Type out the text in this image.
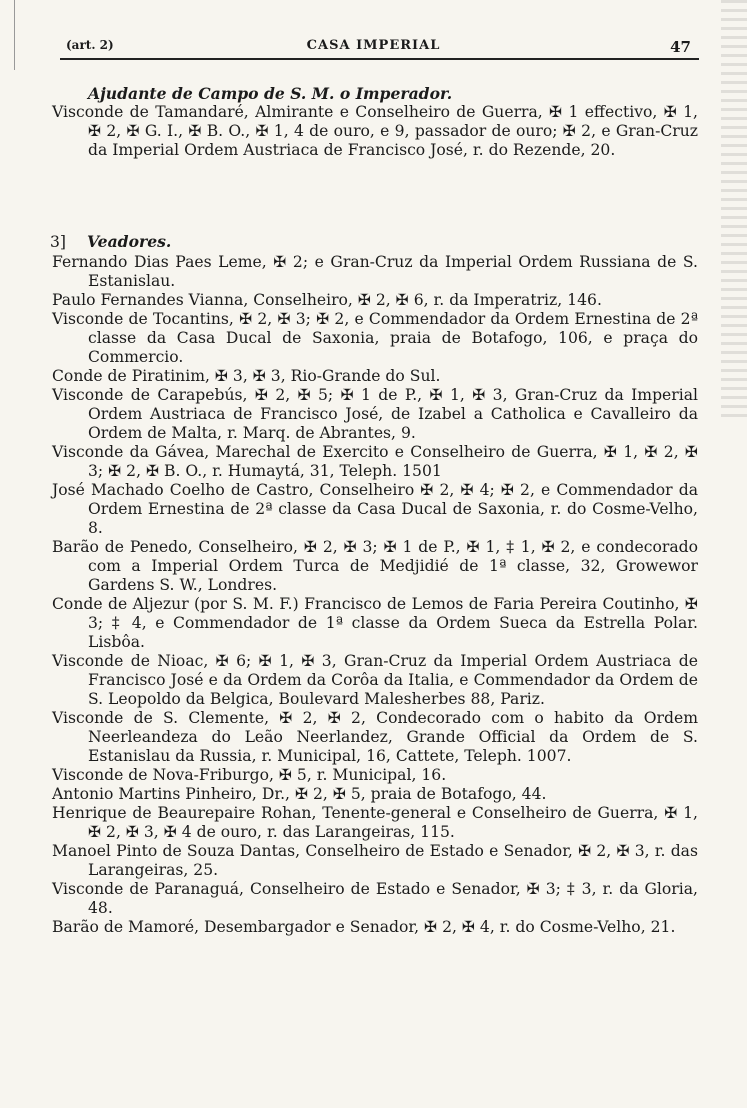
(art. 2)	CASA IMPERIAL	47
Ajudante de Campo de S. M. o Imperador.

Visconde de Tamandaré, Almirante e Conselheiro de Guerra, ✠ 1 effectivo, ✠ 1, ✠ 2, ✠ G. I., ✠ B. O., ✠ 1, 4 de ouro, e 9, passador de ouro; ✠ 2, e Gran-Cruz da Imperial Ordem Austriaca de Francisco José, r. do Rezende, 20.

3] Veadores.

Fernando Dias Paes Leme, ✠ 2; e Gran-Cruz da Imperial Ordem Russiana de S. Estanislau.

Paulo Fernandes Vianna, Conselheiro, ✠ 2, ✠ 6, r. da Imperatriz, 146.

Visconde de Tocantins, ✠ 2, ✠ 3; ✠ 2, e Commendador da Ordem Ernestina de 2ª classe da Casa Ducal de Saxonia, praia de Botafogo, 106, e praça do Commercio.

Conde de Piratinim, ✠ 3, ✠ 3, Rio-Grande do Sul.

Visconde de Carapebús, ✠ 2, ✠ 5; ✠ 1 de P., ✠ 1, ✠ 3, Gran-Cruz da Imperial Ordem Austriaca de Francisco José, de Izabel a Catholica e Cavalleiro da Ordem de Malta, r. Marq. de Abrantes, 9.

Visconde da Gávea, Marechal de Exercito e Conselheiro de Guerra, ✠ 1, ✠ 2, ✠ 3; ✠ 2, ✠ B. O., r. Humaytá, 31, Teleph. 1501

José Machado Coelho de Castro, Conselheiro ✠ 2, ✠ 4; ✠ 2, e Commendador da Ordem Ernestina de 2ª classe da Casa Ducal de Saxonia, r. do Cosme-Velho, 8.

Barão de Penedo, Conselheiro, ✠ 2, ✠ 3; ✠ 1 de P., ✠ 1, ‡ 1, ✠ 2, e condecorado com a Imperial Ordem Turca de Medjidié de 1ª classe, 32, Growewor Gardens S. W., Londres.

Conde de Aljezur (por S. M. F.) Francisco de Lemos de Faria Pereira Coutinho, ✠ 3; ‡ 4, e Commendador de 1ª classe da Ordem Sueca da Estrella Polar. Lisbôa.

Visconde de Nioac, ✠ 6; ✠ 1, ✠ 3, Gran-Cruz da Imperial Ordem Austriaca de Francisco José e da Ordem da Corôa da Italia, e Commendador da Ordem de S. Leopoldo da Belgica, Boulevard Malesherbes 88, Pariz.

Visconde de S. Clemente, ✠ 2, ✠ 2, Condecorado com o habito da Ordem Neerleandeza do Leão Neerlandez, Grande Official da Ordem de S. Estanislau da Russia, r. Municipal, 16, Cattete, Teleph. 1007.

Visconde de Nova-Friburgo, ✠ 5, r. Municipal, 16.

Antonio Martins Pinheiro, Dr., ✠ 2, ✠ 5, praia de Botafogo, 44.

Henrique de Beaurepaire Rohan, Tenente-general e Conselheiro de Guerra, ✠ 1, ✠ 2, ✠ 3, ✠ 4 de ouro, r. das Larangeiras, 115.

Manoel Pinto de Souza Dantas, Conselheiro de Estado e Senador, ✠ 2, ✠ 3, r. das Larangeiras, 25.

Visconde de Paranaguá, Conselheiro de Estado e Senador, ✠ 3; ‡ 3, r. da Gloria, 48.

Barão de Mamoré, Desembargador e Senador, ✠ 2, ✠ 4, r. do Cosme-Velho, 21.
